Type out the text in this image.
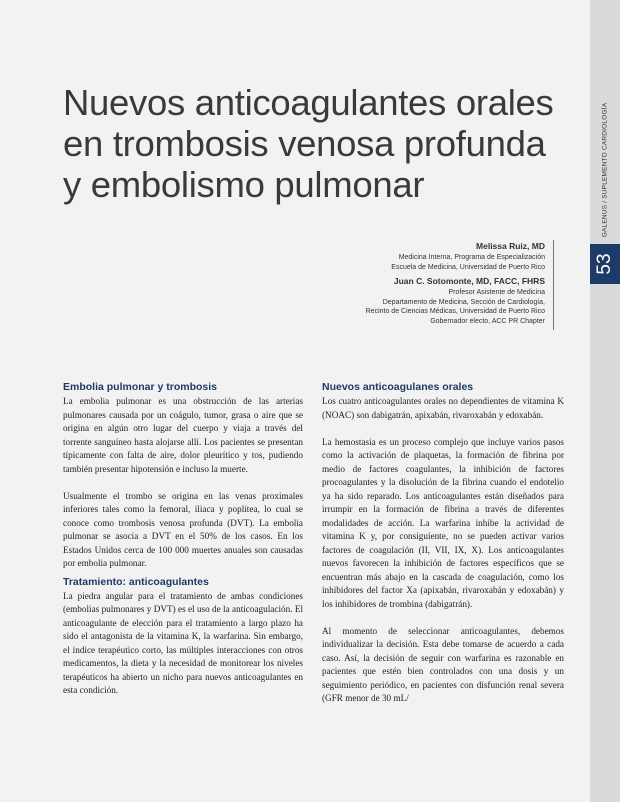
GALENUS / SUPLEMENTO CARDIOLOGÍA
53
Nuevos anticoagulantes orales
en trombosis venosa profunda
y embolismo pulmonar
Melissa Ruiz, MD
Medicina Interna, Programa de Especialización
Escuela de Medicina, Universidad de Puerto Rico
Juan C. Sotomonte, MD, FACC, FHRS
Profesor Asistente de Medicina
Departamento de Medicina, Sección de Cardiología,
Recinto de Ciencias Médicas, Universidad de Puerto Rico
Gobernador electo, ACC PR Chapter
Embolia pulmonar y trombosis

La embolia pulmonar es una obstrucción de las arterias pulmonares causada por un coágulo, tumor, grasa o aire que se origina en algún otro lugar del cuerpo y viaja a través del torrente sanguíneo hasta alojarse allí. Los pacientes se presentan típicamente con falta de aire, dolor pleurítico y tos, pudiendo también presentar hipotensión e incluso la muerte.

Usualmente el trombo se origina en las venas proximales inferiores tales como la femoral, iliaca y poplítea, lo cual se conoce como trombosis venosa profunda (DVT). La embolia pulmonar se asocia a DVT en el 50% de los casos. En los Estados Unidos cerca de 100 000 muertes anuales son causadas por embolia pulmonar.

Tratamiento: anticoagulantes

La piedra angular para el tratamiento de ambas condiciones (embolias pulmonares y DVT) es el uso de la anticoagulación. El anticoagulante de elección para el tratamiento a largo plazo ha sido el antagonista de la vitamina K, la warfarina. Sin embargo, el índice terapéutico corto, las múltiples interacciones con otros medicamentos, la dieta y la necesidad de monitorear los niveles terapéuticos ha abierto un nicho para nuevos anticoagulantes en esta condición.

Nuevos anticoagulanes orales

Los cuatro anticoagulantes orales no dependientes de vitamina K (NOAC) son dabigatrán, apixabán, rivaroxabán y edoxabán.

La hemostasia es un proceso complejo que incluye varios pasos como la activación de plaquetas, la formación de fibrina por medio de factores coagulantes, la inhibición de factores procoagulantes y la disolución de la fibrina cuando el endotelio ya ha sido reparado. Los anticoagulantes están diseñados para irrumpir en la formación de fibrina a través de diferentes modalidades de acción. La warfarina inhibe la actividad de vitamina K y, por consiguiente, no se pueden activar varios factores de coagulación (II, VII, IX, X). Los anticoagulantes nuevos favorecen la inhibición de factores específicos que se encuentran más abajo en la cascada de coagulación, como los inhibidores del factor Xa (apixabán, rivaroxabán y edoxabán) y los inhibidores de trombina (dabigatrán).

Al momento de seleccionar anticoagulantes, debemos individualizar la decisión. Esta debe tomarse de acuerdo a cada caso. Así, la decisión de seguir con warfarina es razonable en pacientes que estén bien controlados con una dosis y un seguimiento periódico, en pacientes con disfunción renal severa (GFR menor de 30 mL/
